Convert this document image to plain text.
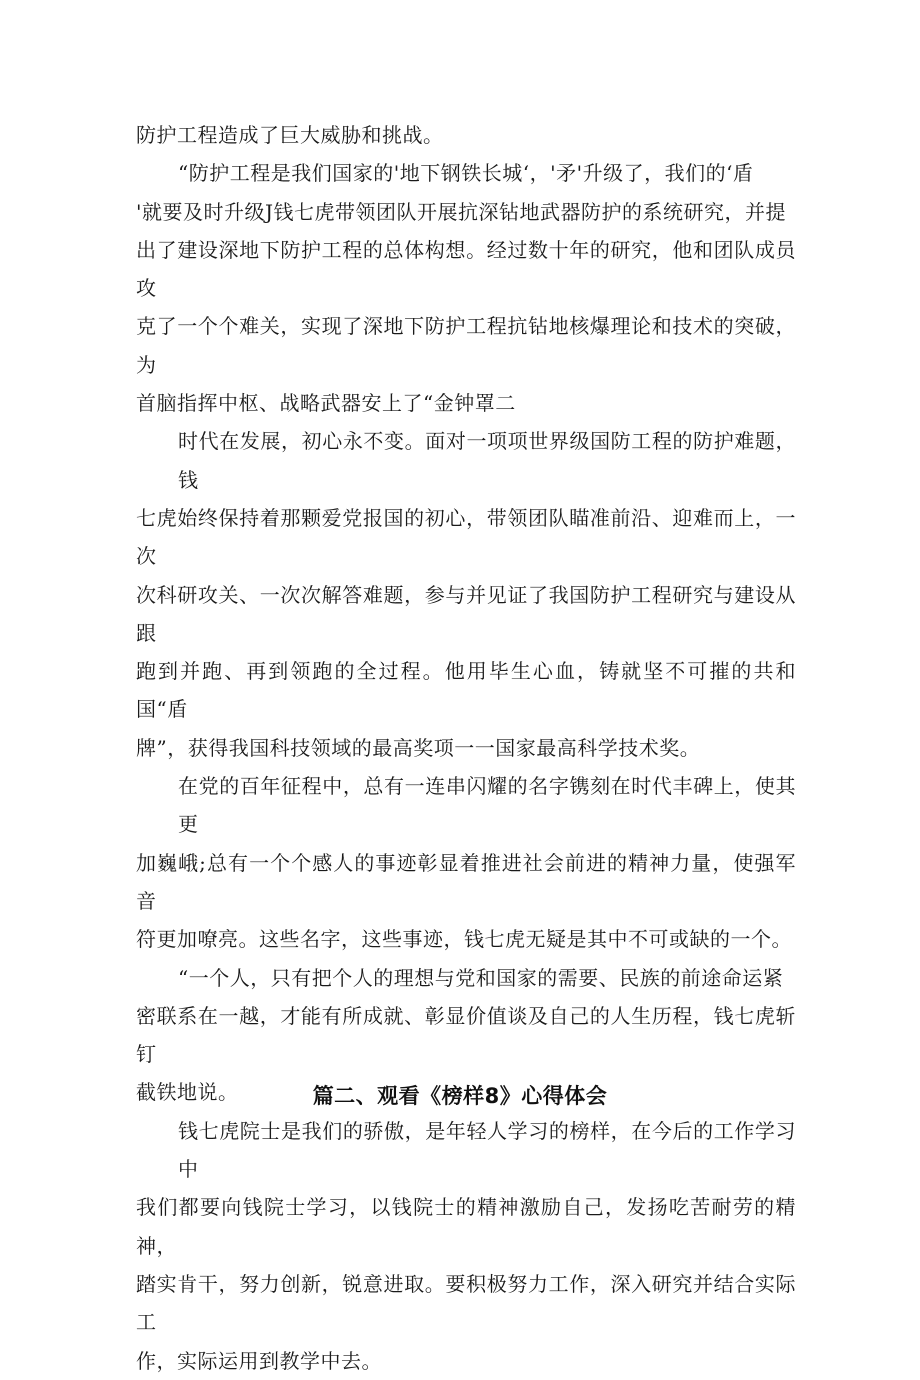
防护工程造成了巨大威胁和挑战。

“防护工程是我们国家的'地下钢铁长城‘，'矛'升级了，我们的‘盾
'就要及时升级J钱七虎带领团队开展抗深钻地武器防护的系统研究，并提
出了建设深地下防护工程的总体构想。经过数十年的研究，他和团队成员攻
克了一个个难关，实现了深地下防护工程抗钻地核爆理论和技术的突破，为
首脑指挥中枢、战略武器安上了“金钟罩二

时代在发展，初心永不变。面对一项项世界级国防工程的防护难题，钱
七虎始终保持着那颗爱党报国的初心，带领团队瞄准前沿、迎难而上，一次
次科研攻关、一次次解答难题，参与并见证了我国防护工程研究与建设从跟
跑到并跑、再到领跑的全过程。他用毕生心血，铸就坚不可摧的共和国“盾
牌”，获得我国科技领域的最高奖项一一国家最高科学技术奖。

在党的百年征程中，总有一连串闪耀的名字镌刻在时代丰碑上，使其更
加巍峨;总有一个个感人的事迹彰显着推进社会前进的精神力量，使强军音
符更加嘹亮。这些名字，这些事迹，钱七虎无疑是其中不可或缺的一个。

“一个人，只有把个人的理想与党和国家的需要、民族的前途命运紧
密联系在一越，才能有所成就、彰显价值谈及自己的人生历程，钱七虎斩钉
截铁地说。

钱七虎院士是我们的骄傲，是年轻人学习的榜样，在今后的工作学习中
我们都要向钱院士学习，以钱院士的精神激励自己，发扬吃苦耐劳的精神，
踏实肯干，努力创新，锐意进取。要积极努力工作，深入研究并结合实际工
作，实际运用到教学中去。

篇二、观看《榜样8》心得体会
